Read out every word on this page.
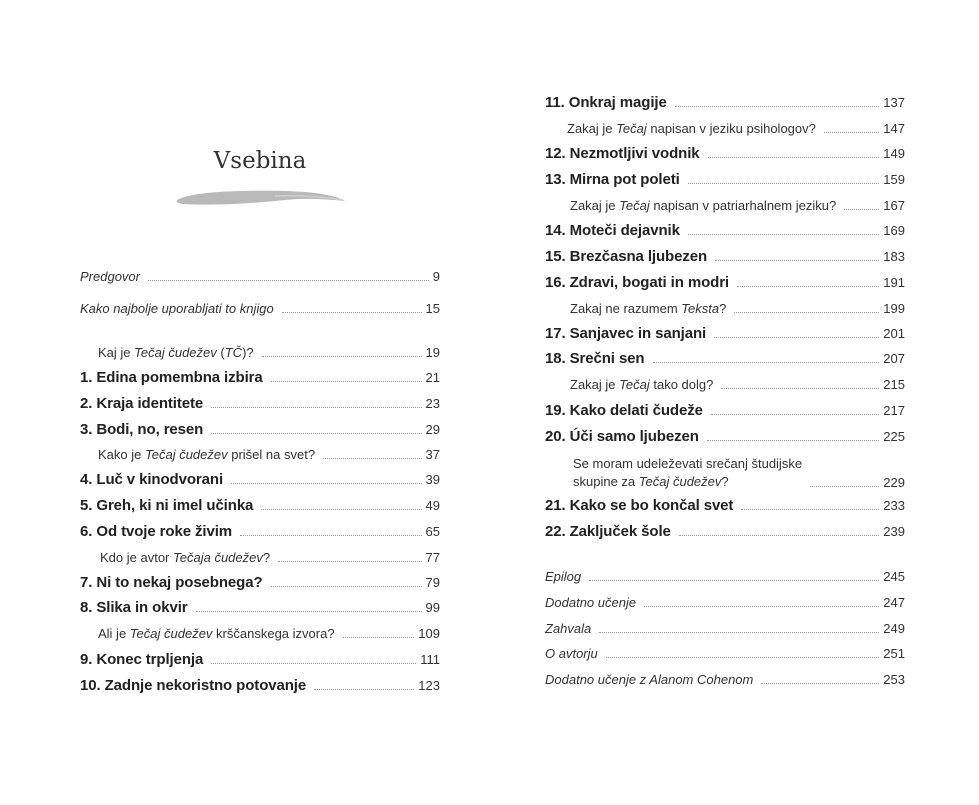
Vsebina
Predgovor	9
Kako najbolje uporabljati to knjigo	15
Kaj je Tečaj čudežev (TČ)?	19
1. Edina pomembna izbira	21
2. Kraja identitete	23
3. Bodi, no, resen	29
Kako je Tečaj čudežev prišel na svet?	37
4. Luč v kinodvorani	39
5. Greh, ki ni imel učinka	49
6. Od tvoje roke živim	65
Kdo je avtor Tečaja čudežev?	77
7. Ni to nekaj posebnega?	79
8. Slika in okvir	99
Ali je Tečaj čudežev krščanskega izvora?	109
9. Konec trpljenja	111
10. Zadnje nekoristno potovanje	123
11. Onkraj magije	137
Zakaj je Tečaj napisan v jeziku psihologov?	147
12. Nezmotljivi vodnik	149
13. Mirna pot poleti	159
Zakaj je Tečaj napisan v patriarhalnem jeziku?	167
14. Moteči dejavnik	169
15. Brezčasna ljubezen	183
16. Zdravi, bogati in modri	191
Zakaj ne razumem Teksta?	199
17. Sanjavec in sanjani	201
18. Srečni sen	207
Zakaj je Tečaj tako dolg?	215
19. Kako delati čudeže	217
20. Úči samo ljubezen	225
Se moram udeleževati srečanj študijske
skupine za Tečaj čudežev?	229
21. Kako se bo končal svet	233
22. Zaključek šole	239
Epilog	245
Dodatno učenje	247
Zahvala	249
O avtorju	251
Dodatno učenje z Alanom Cohenom	253
